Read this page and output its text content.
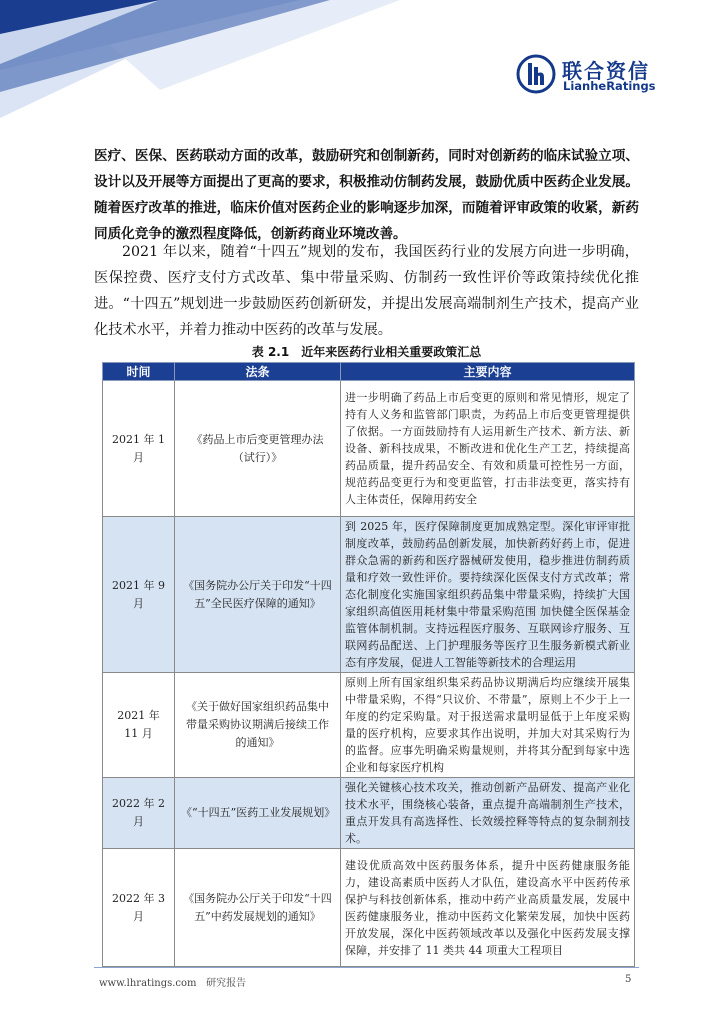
联合资信
LianheRatings

医疗、医保、医药联动方面的改革，鼓励研究和创制新药，同时对创新药的临床试验立项、设计以及开展等方面提出了更高的要求，积极推动仿制药发展，鼓励优质中医药企业发展。随着医疗改革的推进，临床价值对医药企业的影响逐步加深，而随着评审政策的收紧，新药同质化竞争的激烈程度降低，创新药商业环境改善。

2021 年以来，随着“十四五”规划的发布，我国医药行业的发展方向进一步明确，医保控费、医疗支付方式改革、集中带量采购、仿制药一致性评价等政策持续优化推进。“十四五”规划进一步鼓励医药创新研发，并提出发展高端制剂生产技术，提高产业化技术水平，并着力推动中医药的改革与发展。

表 2.1　近年来医药行业相关重要政策汇总
时间	法条	主要内容
2021 年 1 月	《药品上市后变更管理办法（试行）》	进一步明确了药品上市后变更的原则和常见情形，规定了持有人义务和监管部门职责，为药品上市后变更管理提供了依据。一方面鼓励持有人运用新生产技术、新方法、新设备、新科技成果，不断改进和优化生产工艺，持续提高药品质量，提升药品安全、有效和质量可控性另一方面，规范药品变更行为和变更监管，打击非法变更，落实持有人主体责任，保障用药安全
2021 年 9 月	《国务院办公厅关于印发“十四五”全民医疗保障的通知》	到 2025 年，医疗保障制度更加成熟定型。深化审评审批制度改革，鼓励药品创新发展，加快新药好药上市，促进群众急需的新药和医疗器械研发使用，稳步推进仿制药质量和疗效一致性评价。要持续深化医保支付方式改革；常态化制度化实施国家组织药品集中带量采购，持续扩大国家组织高值医用耗材集中带量采购范围 加快健全医保基金监管体制机制。支持远程医疗服务、互联网诊疗服务、互联网药品配送、上门护理服务等医疗卫生服务新模式新业态有序发展，促进人工智能等新技术的合理运用
2021 年 11 月	《关于做好国家组织药品集中带量采购协议期满后接续工作的通知》	原则上所有国家组织集采药品协议期满后均应继续开展集中带量采购，不得“只议价、不带量”，原则上不少于上一年度的约定采购量。对于报送需求量明显低于上年度采购量的医疗机构，应要求其作出说明，并加大对其采购行为的监督。应事先明确采购量规则，并将其分配到每家中选企业和每家医疗机构
2022 年 2 月	《“十四五”医药工业发展规划》	强化关键核心技术攻关，推动创新产品研发、提高产业化技术水平，围绕核心装备，重点提升高端制剂生产技术，重点开发具有高选择性、长效缓控释等特点的复杂制剂技术。
2022 年 3 月	《国务院办公厅关于印发“十四五”中药发展规划的通知》	建设优质高效中医药服务体系，提升中医药健康服务能力，建设高素质中医药人才队伍，建设高水平中医药传承保护与科技创新体系，推动中药产业高质量发展，发展中医药健康服务业，推动中医药文化繁荣发展，加快中医药开放发展，深化中医药领域改革以及强化中医药发展支撑保障，并安排了 11 类共 44 项重大工程项目
www.lhratings.com 研究报告	5
